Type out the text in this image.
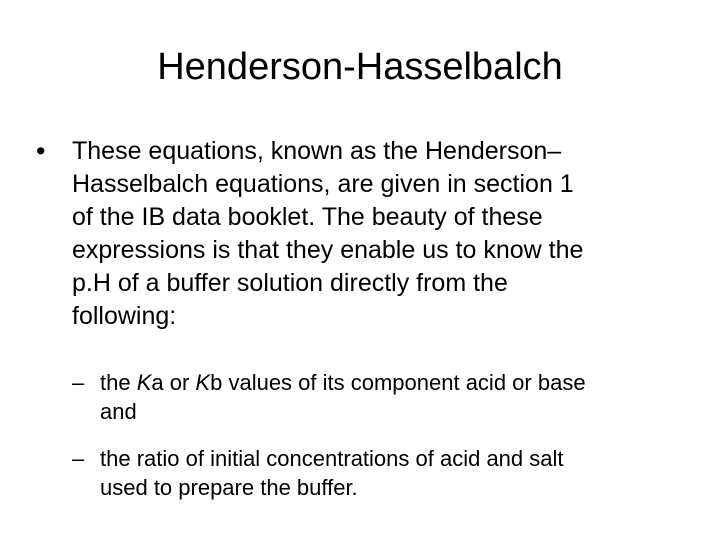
Henderson-Hasselbalch
• These equations, known as the Henderson–
Hasselbalch equations, are given in section 1
of the IB data booklet. The beauty of these
expressions is that they enable us to know the
p.H of a buffer solution directly from the
following:
– the Ka or Kb values of its component acid or base
and
– the ratio of initial concentrations of acid and salt
used to prepare the buffer.
